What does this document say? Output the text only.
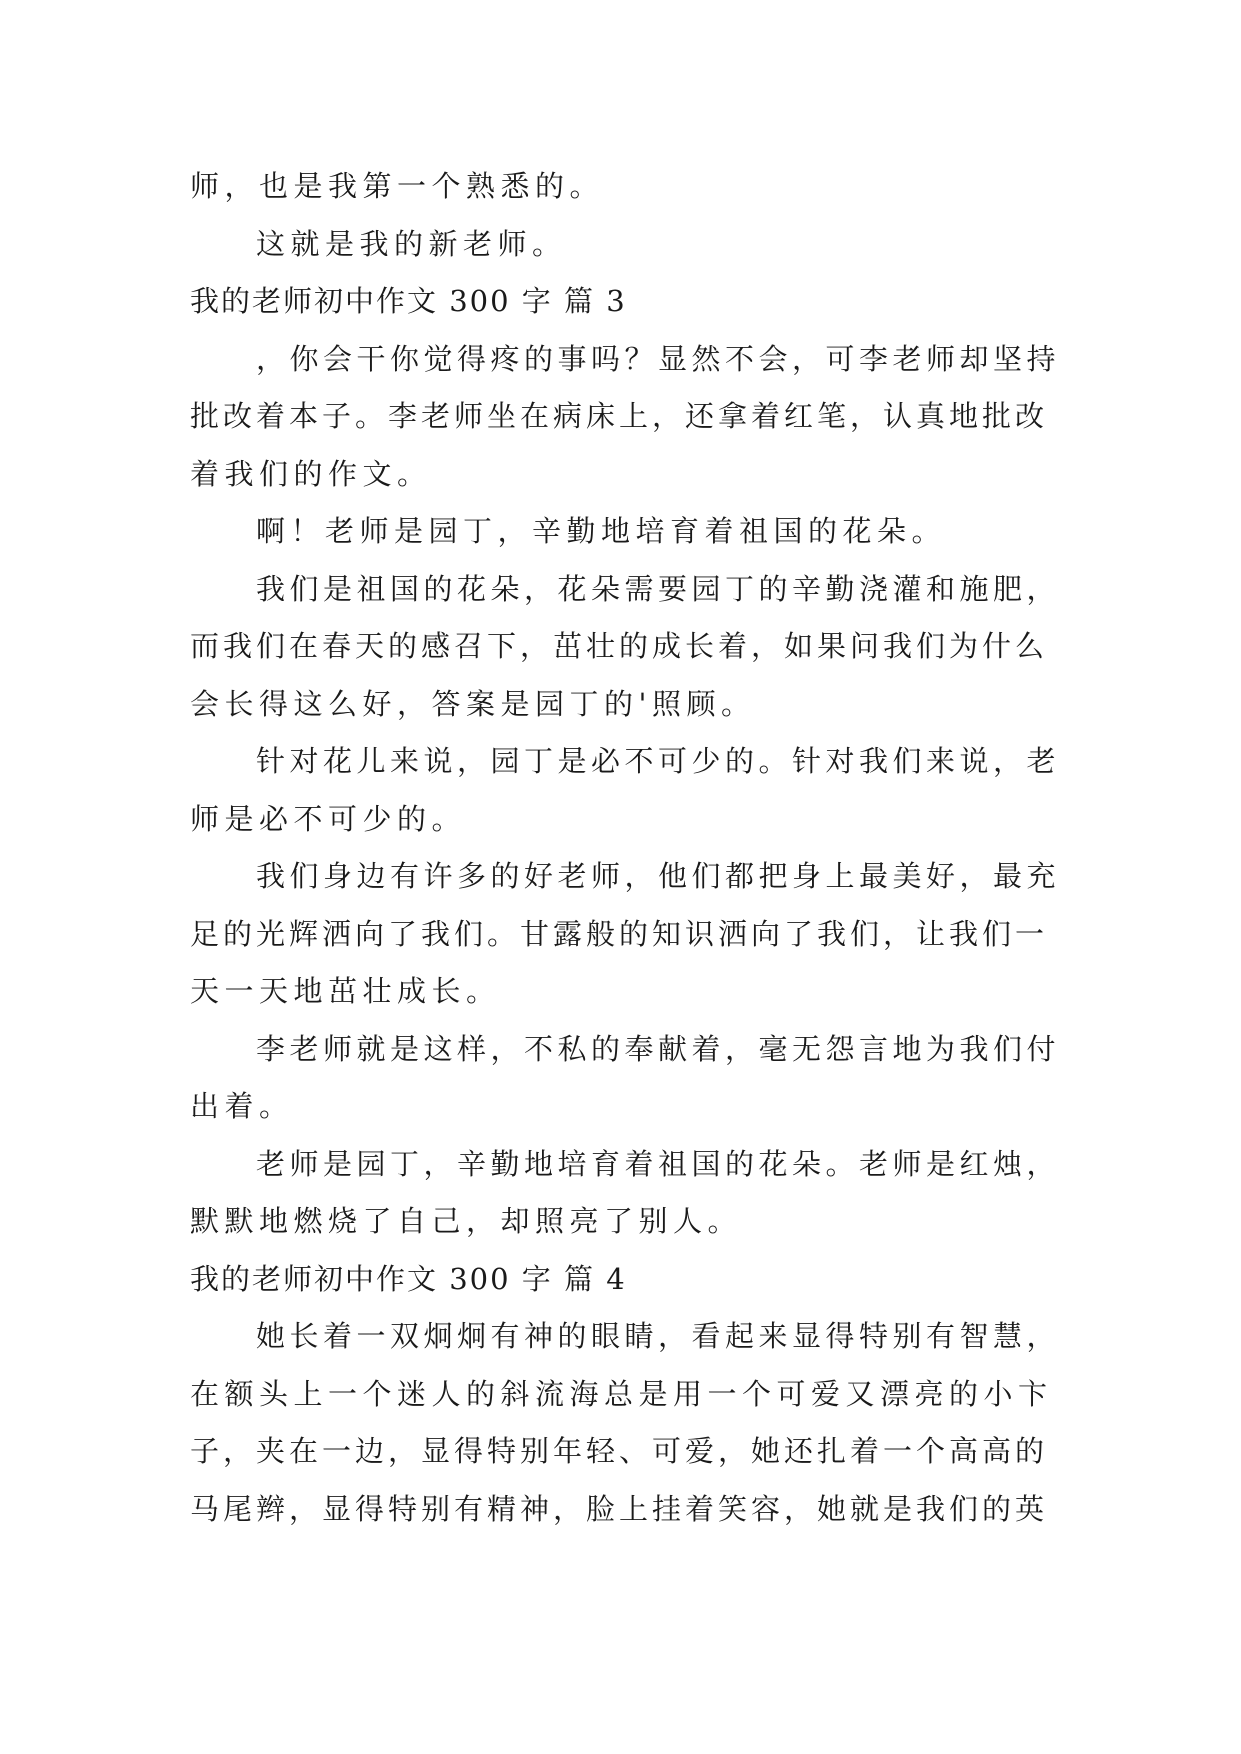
师，也是我第一个熟悉的。
这就是我的新老师。
我的老师初中作文 300 字 篇 3
，你会干你觉得疼的事吗？显然不会，可李老师却坚持
批改着本子。李老师坐在病床上，还拿着红笔，认真地批改
着我们的作文。
啊！老师是园丁，辛勤地培育着祖国的花朵。
我们是祖国的花朵，花朵需要园丁的辛勤浇灌和施肥，
而我们在春天的感召下，茁壮的成长着，如果问我们为什么
会长得这么好，答案是园丁的'照顾。
针对花儿来说，园丁是必不可少的。针对我们来说，老
师是必不可少的。
我们身边有许多的好老师，他们都把身上最美好，最充
足的光辉洒向了我们。甘露般的知识洒向了我们，让我们一
天一天地茁壮成长。
李老师就是这样，不私的奉献着，毫无怨言地为我们付
出着。
老师是园丁，辛勤地培育着祖国的花朵。老师是红烛，
默默地燃烧了自己，却照亮了别人。
我的老师初中作文 300 字 篇 4
她长着一双炯炯有神的眼睛，看起来显得特别有智慧，
在额头上一个迷人的斜流海总是用一个可爱又漂亮的小卞
子，夹在一边，显得特别年轻、可爱，她还扎着一个高高的
马尾辫，显得特别有精神，脸上挂着笑容，她就是我们的英
